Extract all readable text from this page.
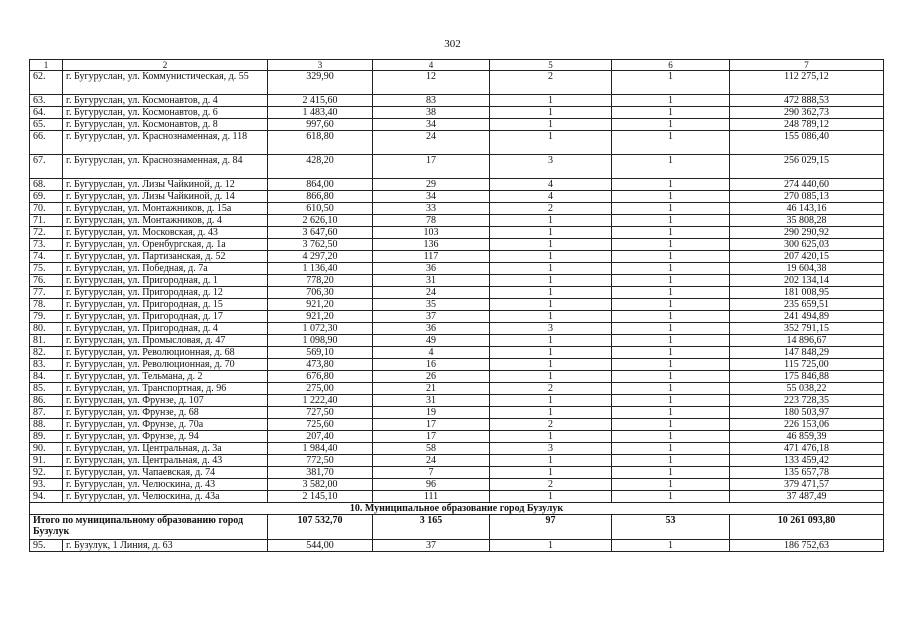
302
1	2	3	4	5	6	7
62.	г. Бугуруслан, ул. Коммунистическая, д. 55	329,90	12	2	1	112 275,12
63.	г. Бугуруслан, ул. Космонавтов, д. 4	2 415,60	83	1	1	472 888,53
64.	г. Бугуруслан, ул. Космонавтов, д. 6	1 483,40	38	1	1	290 362,73
65.	г. Бугуруслан, ул. Космонавтов, д. 8	997,60	34	1	1	248 789,12
66.	г. Бугуруслан, ул. Краснознаменная, д. 118	618,80	24	1	1	155 086,40
67.	г. Бугуруслан, ул. Краснознаменная, д. 84	428,20	17	3	1	256 029,15
68.	г. Бугуруслан, ул. Лизы Чайкиной, д. 12	864,00	29	4	1	274 440,60
69.	г. Бугуруслан, ул. Лизы Чайкиной, д. 14	866,80	34	4	1	270 085,13
70.	г. Бугуруслан, ул. Монтажников, д. 15а	610,50	33	2	1	46 143,16
71.	г. Бугуруслан, ул. Монтажников, д. 4	2 626,10	78	1	1	35 808,28
72.	г. Бугуруслан, ул. Московская, д. 43	3 647,60	103	1	1	290 290,92
73.	г. Бугуруслан, ул. Оренбургская, д. 1а	3 762,50	136	1	1	300 625,03
74.	г. Бугуруслан, ул. Партизанская, д. 52	4 297,20	117	1	1	207 420,15
75.	г. Бугуруслан, ул. Победная, д. 7а	1 136,40	36	1	1	19 604,38
76.	г. Бугуруслан, ул. Пригородная, д. 1	778,20	31	1	1	202 134,14
77.	г. Бугуруслан, ул. Пригородная, д. 12	706,30	24	1	1	181 008,95
78.	г. Бугуруслан, ул. Пригородная, д. 15	921,20	35	1	1	235 659,51
79.	г. Бугуруслан, ул. Пригородная, д. 17	921,20	37	1	1	241 494,89
80.	г. Бугуруслан, ул. Пригородная, д. 4	1 072,30	36	3	1	352 791,15
81.	г. Бугуруслан, ул. Промысловая, д. 47	1 098,90	49	1	1	14 896,67
82.	г. Бугуруслан, ул. Революционная, д. 68	569,10	4	1	1	147 848,29
83.	г. Бугуруслан, ул. Революционная, д. 70	473,80	16	1	1	115 725,00
84.	г. Бугуруслан, ул. Тельмана, д. 2	676,80	26	1	1	175 846,88
85.	г. Бугуруслан, ул. Транспортная, д. 96	275,00	21	2	1	55 038,22
86.	г. Бугуруслан, ул. Фрунзе, д. 107	1 222,40	31	1	1	223 728,35
87.	г. Бугуруслан, ул. Фрунзе, д. 68	727,50	19	1	1	180 503,97
88.	г. Бугуруслан, ул. Фрунзе, д. 70а	725,60	17	2	1	226 153,06
89.	г. Бугуруслан, ул. Фрунзе, д. 94	207,40	17	1	1	46 859,39
90.	г. Бугуруслан, ул. Центральная, д. 3а	1 984,40	58	3	1	471 476,18
91.	г. Бугуруслан, ул. Центральная, д. 43	772,50	24	1	1	133 459,42
92.	г. Бугуруслан, ул. Чапаевская, д. 74	381,70	7	1	1	135 657,78
93.	г. Бугуруслан, ул. Челюскина, д. 43	3 582,00	96	2	1	379 471,57
94.	г. Бугуруслан, ул. Челюскина, д. 43а	2 145,10	111	1	1	37 487,49
10. Муниципальное образование город Бузулук						
Итого по муниципальному образованию город Бузулук		107 532,70	3 165	97	53	10 261 093,80
95.	г. Бузулук, 1 Линия, д. 63	544,00	37	1	1	186 752,63
